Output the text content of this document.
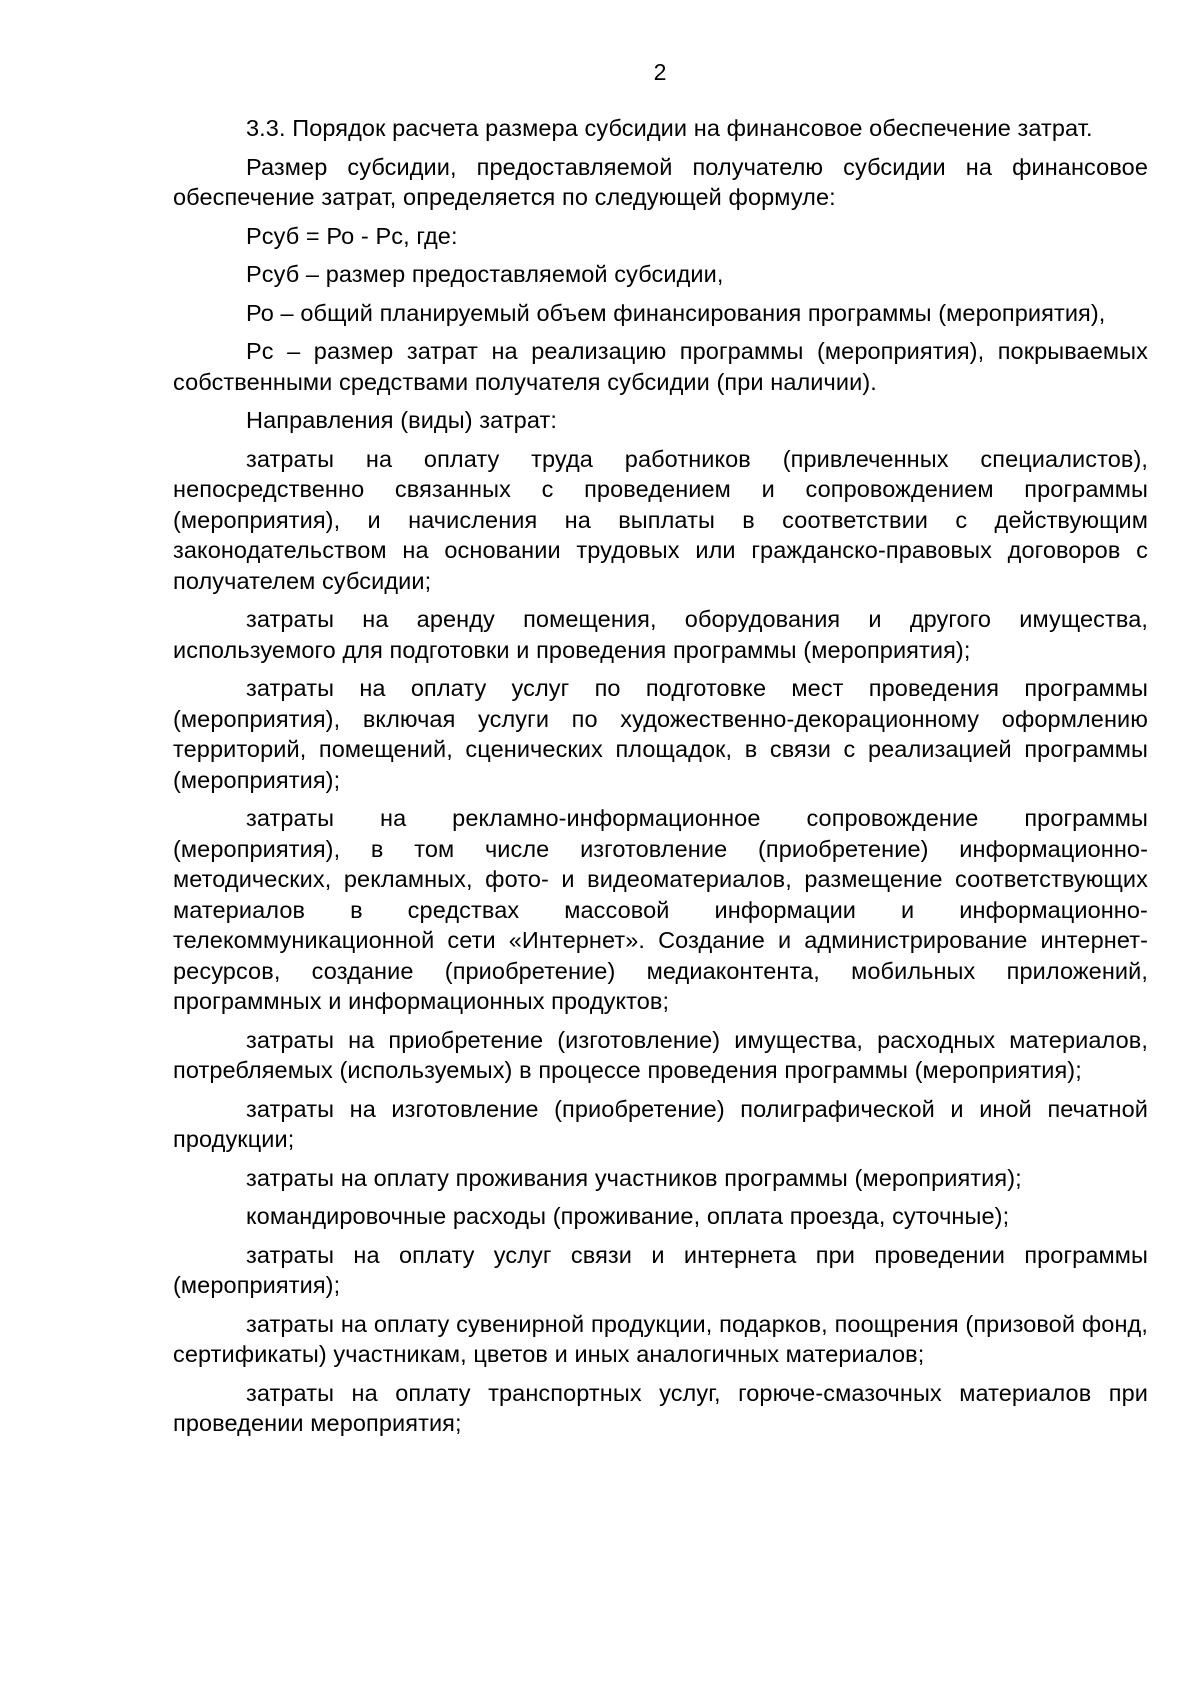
2

3.3. Порядок расчета размера субсидии на финансовое обеспечение затрат.

Размер субсидии, предоставляемой получателю субсидии на финансовое обеспечение затрат, определяется по следующей формуле:

Рсуб = Ро - Рс, где:

Рсуб – размер предоставляемой субсидии,

Ро – общий планируемый объем финансирования программы (мероприятия),

Рс – размер затрат на реализацию программы (мероприятия), покрываемых собственными средствами получателя субсидии (при наличии).

Направления (виды) затрат:

затраты на оплату труда работников (привлеченных специалистов), непосредственно связанных с проведением и сопровождением программы (мероприятия), и начисления на выплаты в соответствии с действующим законодательством на основании трудовых или гражданско-правовых договоров с получателем субсидии;

затраты на аренду помещения, оборудования и другого имущества, используемого для подготовки и проведения программы (мероприятия);

затраты на оплату услуг по подготовке мест проведения программы (мероприятия), включая услуги по художественно-декорационному оформлению территорий, помещений, сценических площадок, в связи с реализацией программы (мероприятия);

затраты на рекламно-информационное сопровождение программы (мероприятия), в том числе изготовление (приобретение) информационно-методических, рекламных, фото- и видеоматериалов, размещение соответствующих материалов в средствах массовой информации и информационно-телекоммуникационной сети «Интернет». Создание и администрирование интернет-ресурсов, создание (приобретение) медиаконтента, мобильных приложений, программных и информационных продуктов;

затраты на приобретение (изготовление) имущества, расходных материалов, потребляемых (используемых) в процессе проведения программы (мероприятия);

затраты на изготовление (приобретение) полиграфической и иной печатной продукции;

затраты на оплату проживания участников программы (мероприятия);

командировочные расходы (проживание, оплата проезда, суточные);

затраты на оплату услуг связи и интернета при проведении программы (мероприятия);

затраты на оплату сувенирной продукции, подарков, поощрения (призовой фонд, сертификаты) участникам, цветов и иных аналогичных материалов;

затраты на оплату транспортных услуг, горюче-смазочных материалов при проведении мероприятия;
